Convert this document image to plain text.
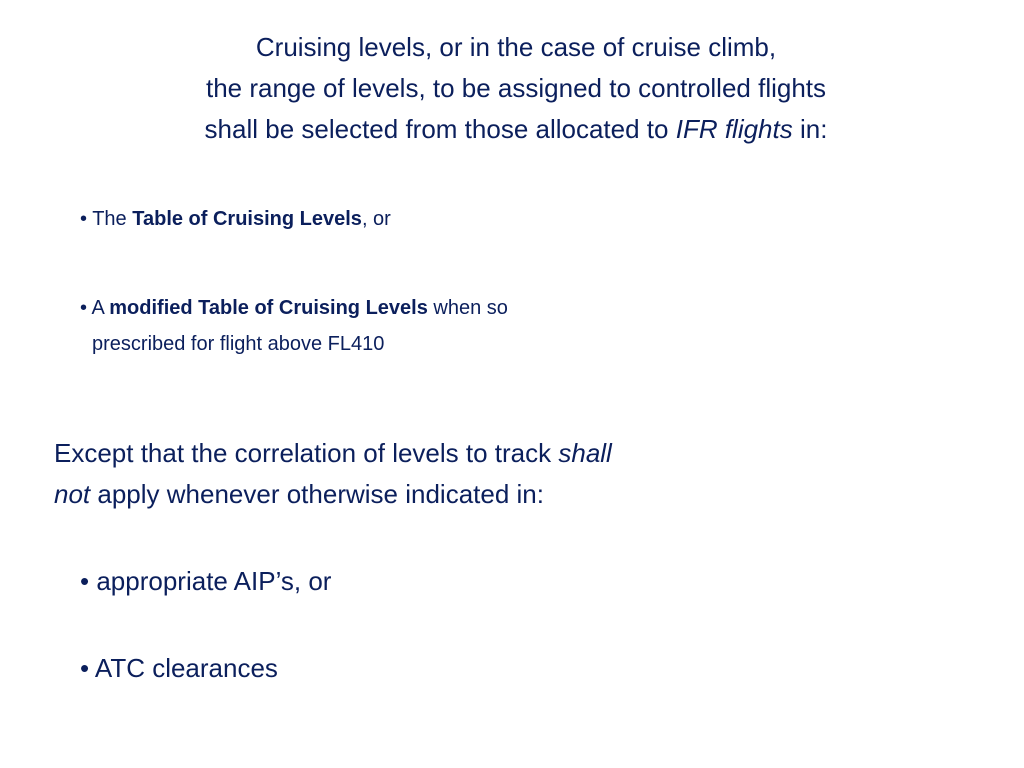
Cruising levels, or in the case of cruise climb,
the range of levels, to be assigned to controlled flights
shall be selected from those allocated to IFR flights in:
• The Table of Cruising Levels, or
• A modified Table of Cruising Levels when so
prescribed for flight above FL410
Except that the correlation of levels to track shall
not apply whenever otherwise indicated in:
• appropriate AIP’s, or
• ATC clearances
